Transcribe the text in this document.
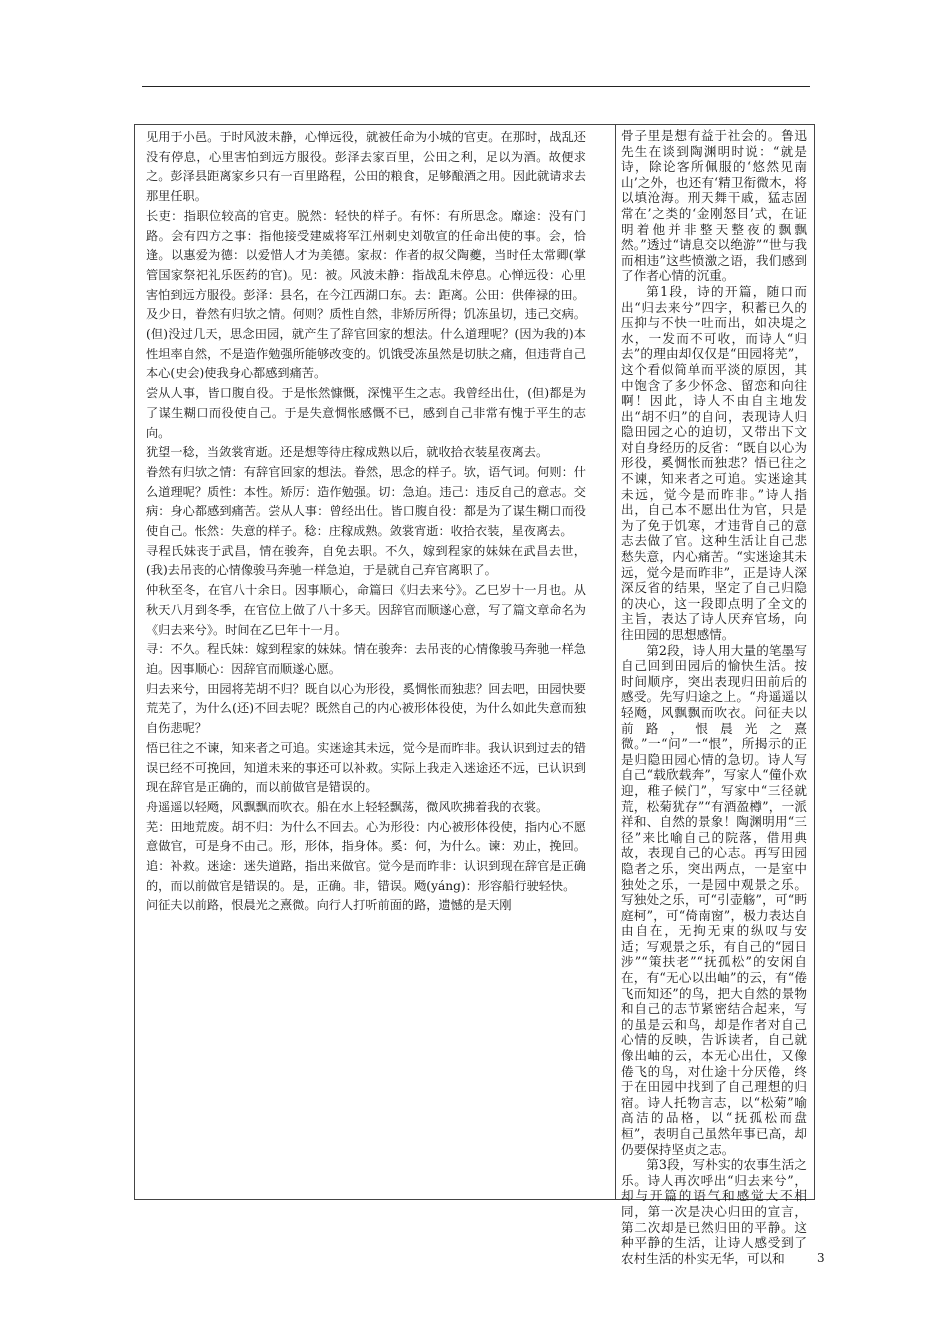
见用于小邑。于时风波未静，心惮远役，就被任命为小城的官吏。在那时，战乱还没有停息，心里害怕到远方服役。彭泽去家百里，公田之利，足以为酒。故便求之。彭泽县距离家乡只有一百里路程，公田的粮食，足够酿酒之用。因此就请求去那里任职。

长吏：指职位较高的官吏。脱然：轻快的样子。有怀：有所思念。靡途：没有门路。会有四方之事：指他接受建威将军江州刺史刘敬宣的任命出使的事。会，恰逢。以惠爱为德：以爱惜人才为美德。家叔：作者的叔父陶夔，当时任太常卿(掌管国家祭祀礼乐医药的官)。见：被。风波未静：指战乱未停息。心惮远役：心里害怕到远方服役。彭泽：县名，在今江西湖口东。去：距离。公田：供俸禄的田。

及少日，眷然有归欤之情。何则？质性自然，非矫厉所得；饥冻虽切，违己交病。(但)没过几天，思念田园，就产生了辞官回家的想法。什么道理呢？(因为我的)本性坦率自然，不是造作勉强所能够改变的。饥饿受冻虽然是切肤之痛，但违背自己本心(史会)使我身心都感到痛苦。

尝从人事，皆口腹自役。于是怅然慷慨，深愧平生之志。我曾经出仕，(但)都是为了谋生糊口而役使自己。于是失意惆怅感慨不已，感到自己非常有愧于平生的志向。

犹望一稔，当敛裳宵逝。还是想等待庄稼成熟以后，就收拾衣装星夜离去。

眷然有归欤之情：有辞官回家的想法。眷然，思念的样子。欤，语气词。何则：什么道理呢？质性：本性。矫厉：造作勉强。切：急迫。违己：违反自己的意志。交病：身心都感到痛苦。尝从人事：曾经出仕。皆口腹自役：都是为了谋生糊口而役使自己。怅然：失意的样子。稔：庄稼成熟。敛裳宵逝：收拾衣装，星夜离去。

寻程氏妹丧于武昌，情在骏奔，自免去职。不久，嫁到程家的妹妹在武昌去世，(我)去吊丧的心情像骏马奔驰一样急迫，于是就自己弃官离职了。

仲秋至冬，在官八十余日。因事顺心，命篇曰《归去来兮》。乙巳岁十一月也。从秋天八月到冬季，在官位上做了八十多天。因辞官而顺遂心意，写了篇文章命名为《归去来兮》。时间在乙巳年十一月。

寻：不久。程氏妹：嫁到程家的妹妹。情在骏奔：去吊丧的心情像骏马奔驰一样急迫。因事顺心：因辞官而顺遂心愿。

归去来兮，田园将芜胡不归？既自以心为形役，奚惆怅而独悲？回去吧，田园快要荒芜了，为什么(还)不回去呢？既然自己的内心被形体役使，为什么如此失意而独自伤悲呢？

悟已往之不谏，知来者之可追。实迷途其未远，觉今是而昨非。我认识到过去的错误已经不可挽回，知道未来的事还可以补救。实际上我走入迷途还不远，已认识到现在辞官是正确的，而以前做官是错误的。

舟遥遥以轻飏，风飘飘而吹衣。船在水上轻轻飘荡，微风吹拂着我的衣裳。

芜：田地荒废。胡不归：为什么不回去。心为形役：内心被形体役使，指内心不愿意做官，可是身不由己。形，形体，指身体。奚：何，为什么。谏：劝止，挽回。追：补救。迷途：迷失道路，指出来做官。觉今是而昨非：认识到现在辞官是正确的，而以前做官是错误的。是，正确。非，错误。飏(yáng)：形容船行驶轻快。

问征夫以前路，恨晨光之熹微。向行人打听前面的路，遗憾的是天刚

骨子里是想有益于社会的。鲁迅先生在谈到陶渊明时说：“就是诗，除论客所佩服的‘悠然见南山’之外，也还有‘精卫衔微木，将以填沧海。刑天舞干戚，猛志固常在’之类的‘金刚怒目’式，在证明着他并非整天整夜的飘飘然。”透过“请息交以绝游”“世与我而相违”这些愤激之语，我们感到了作者心情的沉重。

第1段，诗的开篇，随口而出“归去来兮”四字，积蓄已久的压抑与不快一吐而出，如决堤之水，一发而不可收，而诗人“归去”的理由却仅仅是“田园将芜”，这个看似简单而平淡的原因，其中饱含了多少怀念、留恋和向往啊！因此，诗人不由自主地发出“胡不归”的自问，表现诗人归隐田园之心的迫切，又带出下文对自身经历的反省：“既自以心为形役，奚惆怅而独悲？悟已往之不谏，知来者之可追。实迷途其未远，觉今是而昨非。”诗人指出，自己本不愿出仕为官，只是为了免于饥寒，才违背自己的意志去做了官。这种生活让自己悲愁失意，内心痛苦。“实迷途其未远，觉今是而昨非”，正是诗人深深反省的结果，坚定了自己归隐的决心，这一段即点明了全文的主旨，表达了诗人厌弃官场，向往田园的思想感情。

第2段，诗人用大量的笔墨写自己回到田园后的愉快生活。按时间顺序，突出表现归田前后的感受。先写归途之上。“舟遥遥以轻飏，风飘飘而吹衣。问征夫以前路，恨晨光之熹微。”一“问”一“恨”，所揭示的正是归隐田园心情的急切。诗人写自己“载欣载奔”，写家人“僮仆欢迎，稚子候门”，写家中“三径就荒，松菊犹存”“有酒盈樽”，一派祥和、自然的景象！陶渊明用“三径”来比喻自己的院落，借用典故，表现自己的心志。再写田园隐者之乐，突出两点，一是室中独处之乐，一是园中观景之乐。写独处之乐，可“引壶觞”，可“眄庭柯”，可“倚南窗”，极力表达自由自在，无拘无束的纵叹与安适；写观景之乐，有自己的“园日涉”“策扶老”“抚孤松”的安闲自在，有“无心以出岫”的云，有“倦飞而知还”的鸟，把大自然的景物和自己的志节紧密结合起来，写的虽是云和鸟，却是作者对自己心情的反映，告诉读者，自己就像出岫的云，本无心出仕，又像倦飞的鸟，对仕途十分厌倦，终于在田园中找到了自己理想的归宿。诗人托物言志，以“松菊”喻高洁的品格，以“抚孤松而盘桓”，表明自己虽然年事已高，却仍要保持坚贞之志。

第3段，写朴实的农事生活之乐。诗人再次呼出“归去来兮”，却与开篇的语气和感觉大不相同，第一次是决心归田的宣言，第二次却是已然归田的平静。这种平静的生活，让诗人感受到了农村生活的朴实无华，可以和	3
